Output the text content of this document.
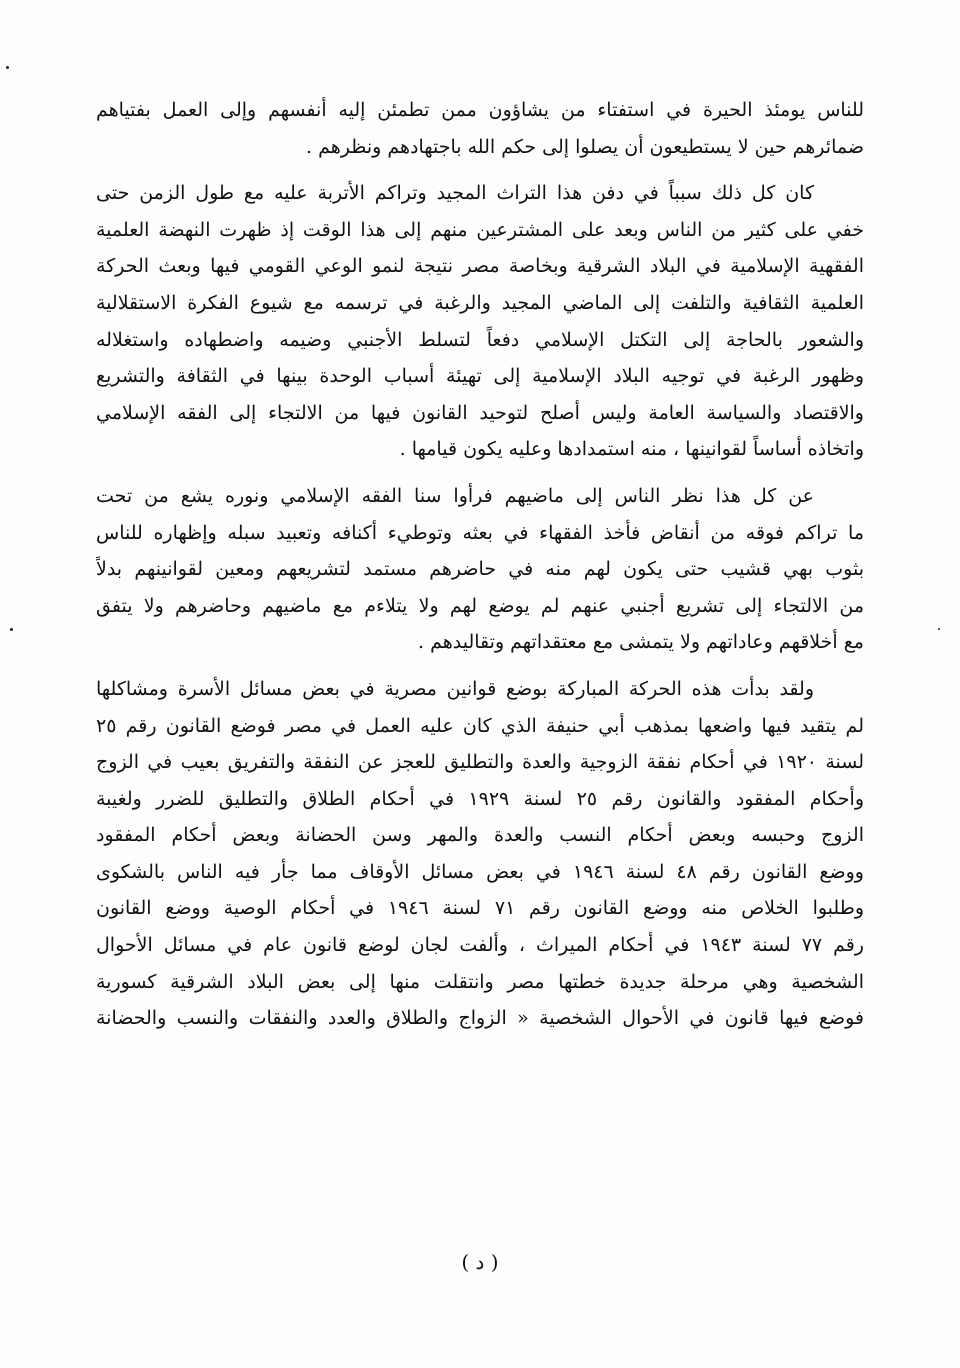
للناس يومئذ الحيرة في استفتاء من يشاؤون ممن تطمئن إليه أنفسهم وإلى العمل بفتياهم
ضمائرهم حين لا يستطيعون أن يصلوا إلى حكم الله باجتهادهم ونظرهم .
كان كل ذلك سبباً في دفن هذا التراث المجيد وتراكم الأتربة عليه مع طول الزمن حتى
خفي على كثير من الناس وبعد على المشترعين منهم إلى هذا الوقت إذ ظهرت النهضة العلمية
الفقهية الإسلامية في البلاد الشرقية وبخاصة مصر نتيجة لنمو الوعي القومي فيها وبعث الحركة
العلمية الثقافية والتلفت إلى الماضي المجيد والرغبة في ترسمه مع شيوع الفكرة الاستقلالية
والشعور بالحاجة إلى التكتل الإسلامي دفعاً لتسلط الأجنبي وضيمه واضطهاده واستغلاله
وظهور الرغبة في توجيه البلاد الإسلامية إلى تهيئة أسباب الوحدة بينها في الثقافة والتشريع
والاقتصاد والسياسة العامة وليس أصلح لتوحيد القانون فيها من الالتجاء إلى الفقه الإسلامي
واتخاذه أساساً لقوانينها ، منه استمدادها وعليه يكون قيامها .
عن كل هذا نظر الناس إلى ماضيهم فرأوا سنا الفقه الإسلامي ونوره يشع من تحت
ما تراكم فوقه من أنقاض فأخذ الفقهاء في بعثه وتوطيء أكنافه وتعبيد سبله وإظهاره للناس
بثوب بهي قشيب حتى يكون لهم منه في حاضرهم مستمد لتشريعهم ومعين لقوانينهم بدلاً
من الالتجاء إلى تشريع أجنبي عنهم لم يوضع لهم ولا يتلاءم مع ماضيهم وحاضرهم ولا يتفق
مع أخلاقهم وعاداتهم ولا يتمشى مع معتقداتهم وتقاليدهم .
ولقد بدأت هذه الحركة المباركة بوضع قوانين مصرية في بعض مسائل الأسرة ومشاكلها
لم يتقيد فيها واضعها بمذهب أبي حنيفة الذي كان عليه العمل في مصر فوضع القانون رقم ٢٥
لسنة ١٩٢٠ في أحكام نفقة الزوجية والعدة والتطليق للعجز عن النفقة والتفريق بعيب في الزوج
وأحكام المفقود والقانون رقم ٢٥ لسنة ١٩٢٩ في أحكام الطلاق والتطليق للضرر ولغيبة
الزوج وحبسه وبعض أحكام النسب والعدة والمهر وسن الحضانة وبعض أحكام المفقود
ووضع القانون رقم ٤٨ لسنة ١٩٤٦ في بعض مسائل الأوقاف مما جأر فيه الناس بالشكوى
وطلبوا الخلاص منه ووضع القانون رقم ٧١ لسنة ١٩٤٦ في أحكام الوصية ووضع القانون
رقم ٧٧ لسنة ١٩٤٣ في أحكام الميراث ، وألفت لجان لوضع قانون عام في مسائل الأحوال
الشخصية وهي مرحلة جديدة خطتها مصر وانتقلت منها إلى بعض البلاد الشرقية كسورية
فوضع فيها قانون في الأحوال الشخصية « الزواج والطلاق والعدد والنفقات والنسب والحضانة
( د )
